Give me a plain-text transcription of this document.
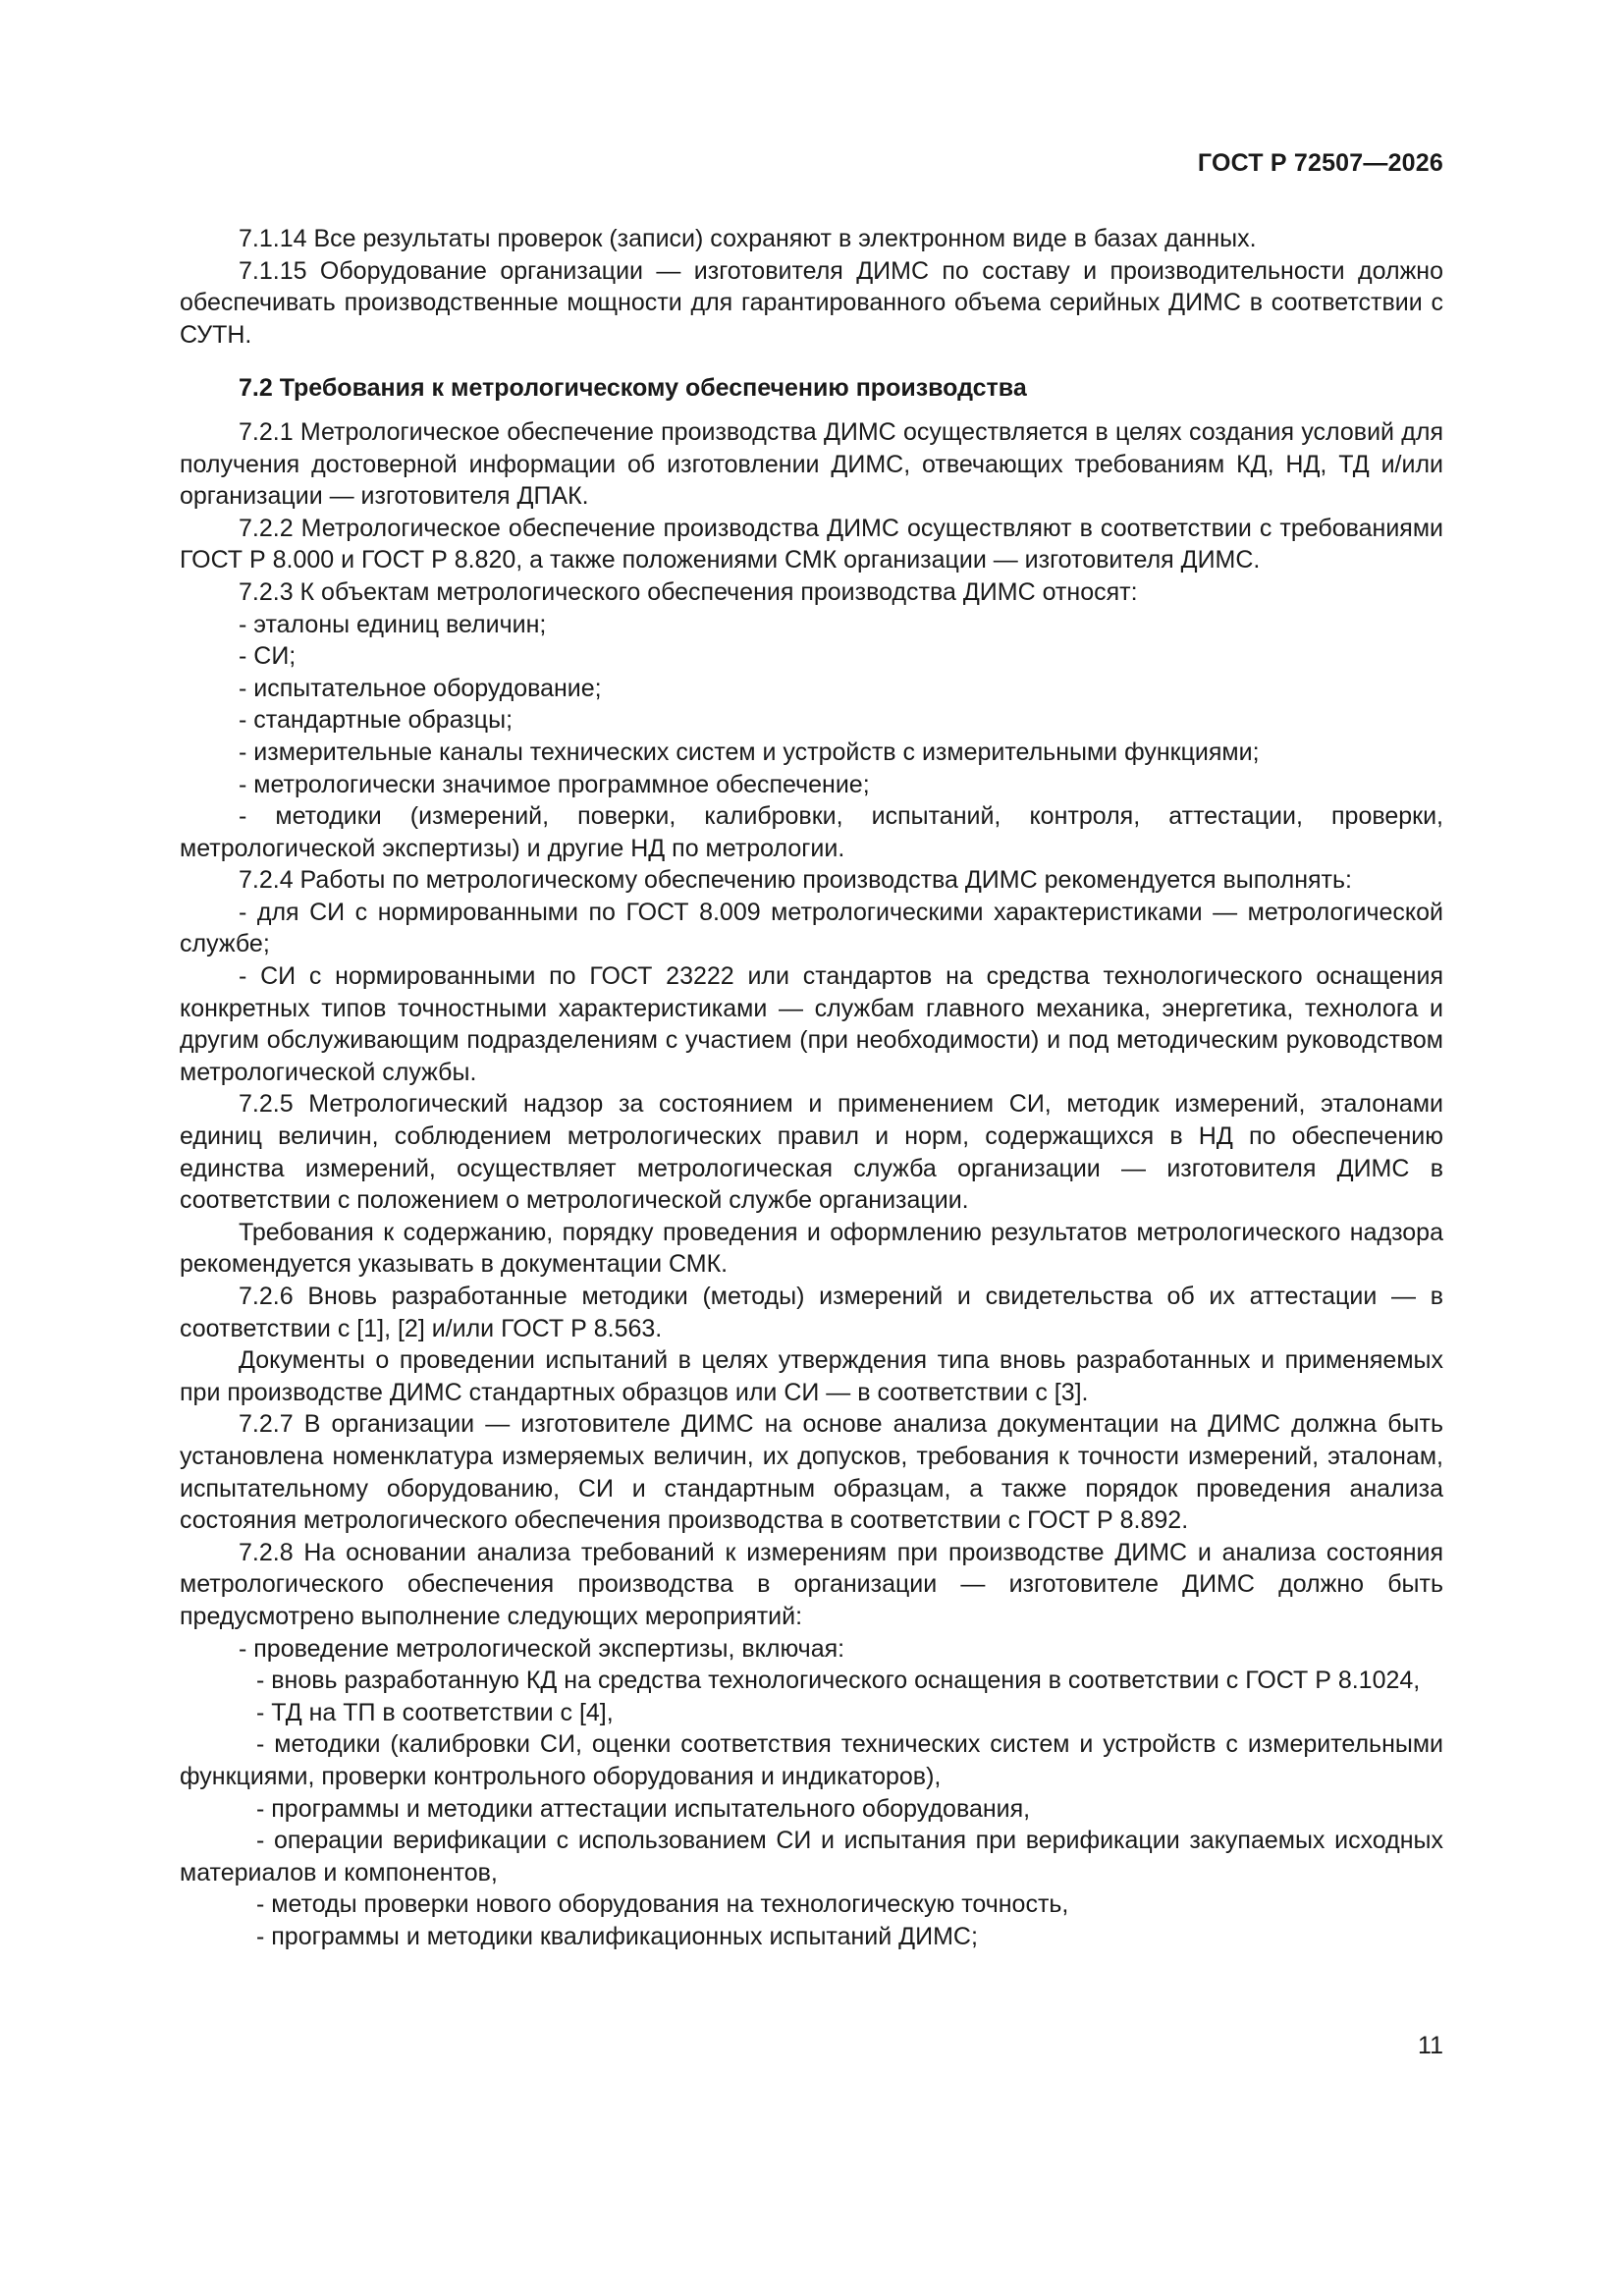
ГОСТ Р 72507—2026

7.1.14 Все результаты проверок (записи) сохраняют в электронном виде в базах данных.

7.1.15 Оборудование организации — изготовителя ДИМС по составу и производительности должно обеспечивать производственные мощности для гарантированного объема серийных ДИМС в соответствии с СУТН.

7.2 Требования к метрологическому обеспечению производства

7.2.1 Метрологическое обеспечение производства ДИМС осуществляется в целях создания условий для получения достоверной информации об изготовлении ДИМС, отвечающих требованиям КД, НД, ТД и/или организации — изготовителя ДПАК.

7.2.2 Метрологическое обеспечение производства ДИМС осуществляют в соответствии с требованиями ГОСТ Р 8.000 и ГОСТ Р 8.820, а также положениями СМК организации — изготовителя ДИМС.

7.2.3 К объектам метрологического обеспечения производства ДИМС относят:

- эталоны единиц величин;

- СИ;

- испытательное оборудование;

- стандартные образцы;

- измерительные каналы технических систем и устройств с измерительными функциями;

- метрологически значимое программное обеспечение;

- методики (измерений, поверки, калибровки, испытаний, контроля, аттестации, проверки, метрологической экспертизы) и другие НД по метрологии.

7.2.4 Работы по метрологическому обеспечению производства ДИМС рекомендуется выполнять:

- для СИ с нормированными по ГОСТ 8.009 метрологическими характеристиками — метрологической службе;

- СИ с нормированными по ГОСТ 23222 или стандартов на средства технологического оснащения конкретных типов точностными характеристиками — службам главного механика, энергетика, технолога и другим обслуживающим подразделениям с участием (при необходимости) и под методическим руководством метрологической службы.

7.2.5 Метрологический надзор за состоянием и применением СИ, методик измерений, эталонами единиц величин, соблюдением метрологических правил и норм, содержащихся в НД по обеспечению единства измерений, осуществляет метрологическая служба организации — изготовителя ДИМС в соответствии с положением о метрологической службе организации.

Требования к содержанию, порядку проведения и оформлению результатов метрологического надзора рекомендуется указывать в документации СМК.

7.2.6 Вновь разработанные методики (методы) измерений и свидетельства об их аттестации — в соответствии с [1], [2] и/или ГОСТ Р 8.563.

Документы о проведении испытаний в целях утверждения типа вновь разработанных и применяемых при производстве ДИМС стандартных образцов или СИ — в соответствии с [3].

7.2.7 В организации — изготовителе ДИМС на основе анализа документации на ДИМС должна быть установлена номенклатура измеряемых величин, их допусков, требования к точности измерений, эталонам, испытательному оборудованию, СИ и стандартным образцам, а также порядок проведения анализа состояния метрологического обеспечения производства в соответствии с ГОСТ Р 8.892.

7.2.8 На основании анализа требований к измерениям при производстве ДИМС и анализа состояния метрологического обеспечения производства в организации — изготовителе ДИМС должно быть предусмотрено выполнение следующих мероприятий:

- проведение метрологической экспертизы, включая:

- вновь разработанную КД на средства технологического оснащения в соответствии с ГОСТ Р 8.1024,

- ТД на ТП в соответствии с [4],

- методики (калибровки СИ, оценки соответствия технических систем и устройств с измерительными функциями, проверки контрольного оборудования и индикаторов),

- программы и методики аттестации испытательного оборудования,

- операции верификации с использованием СИ и испытания при верификации закупаемых исходных материалов и компонентов,

- методы проверки нового оборудования на технологическую точность,

- программы и методики квалификационных испытаний ДИМС;

11
